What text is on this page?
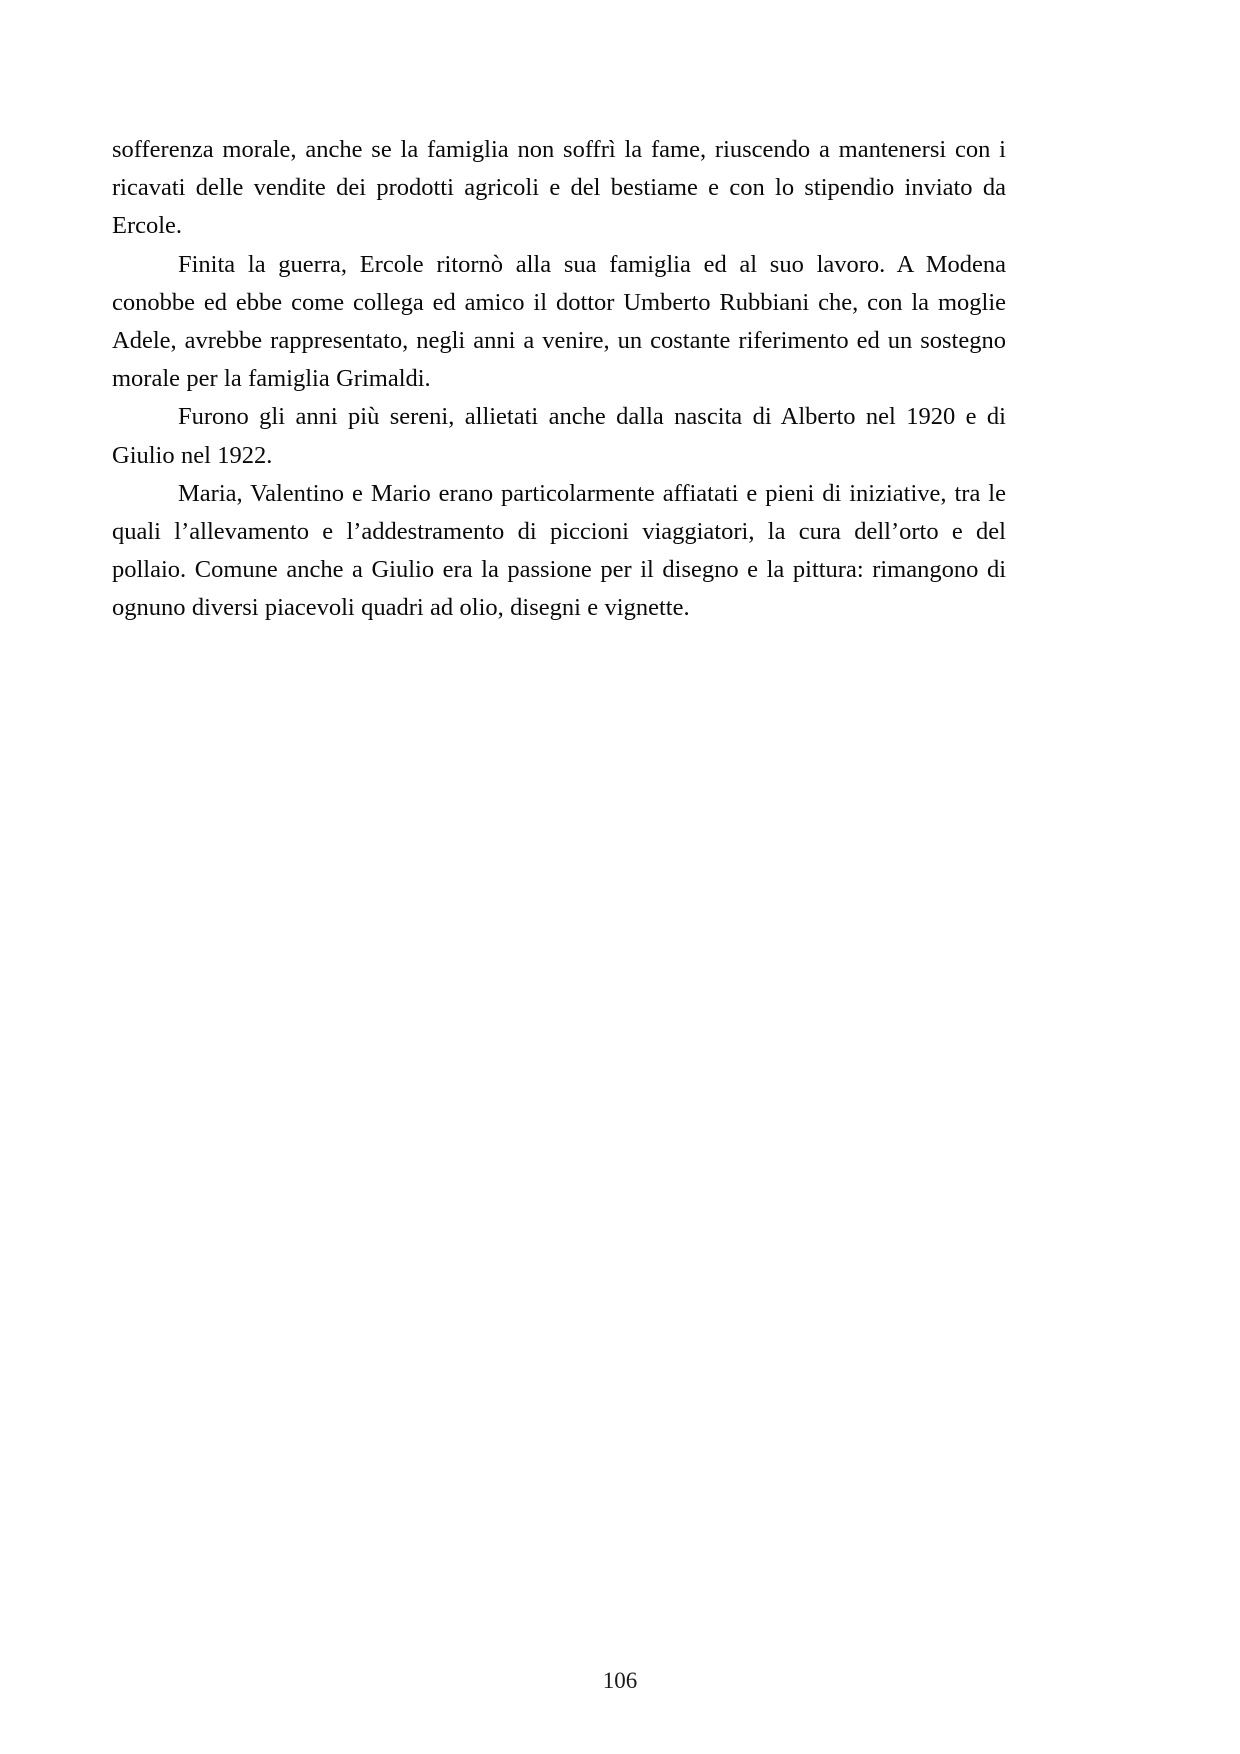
sofferenza morale, anche se la famiglia non soffrì la fame, riuscendo a mantenersi con i ricavati delle vendite dei prodotti agricoli e del bestiame e con lo stipendio inviato da Ercole.

Finita la guerra, Ercole ritornò alla sua famiglia ed al suo lavoro. A Modena conobbe ed ebbe come collega ed amico il dottor Umberto Rubbiani che, con la moglie Adele, avrebbe rappresentato, negli anni a venire, un costante riferimento ed un sostegno morale per la famiglia Grimaldi.

Furono gli anni più sereni, allietati anche dalla nascita di Alberto nel 1920 e di Giulio nel 1922.

Maria, Valentino e Mario erano particolarmente affiatati e pieni di iniziative, tra le quali l’allevamento e l’addestramento di piccioni viaggiatori, la cura dell’orto e del pollaio. Comune anche a Giulio era la passione per il disegno e la pittura: rimangono di ognuno diversi piacevoli quadri ad olio, disegni e vignette.

106
